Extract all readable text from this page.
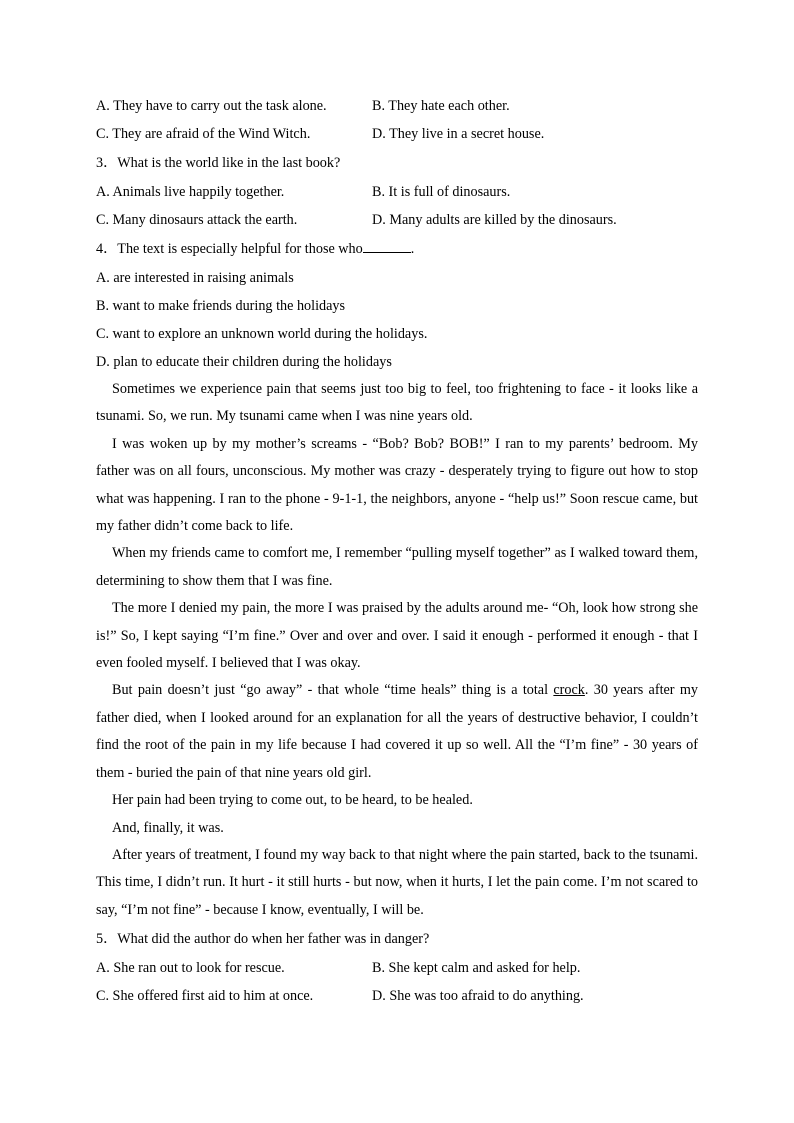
A. They have to carry out the task alone.	B. They hate each other.
C. They are afraid of the Wind Witch.	D. They live in a secret house.
3．What is the world like in the last book?
A. Animals live happily together.	B. It is full of dinosaurs.
C. Many dinosaurs attack the earth.	D. Many adults are killed by the dinosaurs.
4．The text is especially helpful for those who	.
A. are interested in raising animals
B. want to make friends during the holidays
C. want to explore an unknown world during the holidays.
D. plan to educate their children during the holidays

Sometimes we experience pain that seems just too big to feel, too frightening to face - it looks like a tsunami. So, we run. My tsunami came when I was nine years old.

I was woken up by my mother’s screams - “Bob? Bob? BOB!” I ran to my parents’ bedroom. My father was on all fours, unconscious. My mother was crazy - desperately trying to figure out how to stop what was happening. I ran to the phone - 9-1-1, the neighbors, anyone - “help us!” Soon rescue came, but my father didn’t come back to life.

When my friends came to comfort me, I remember “pulling myself together” as I walked toward them, determining to show them that I was fine.

The more I denied my pain, the more I was praised by the adults around me- “Oh, look how strong she is!” So, I kept saying “I’m fine.” Over and over and over. I said it enough - performed it enough - that I even fooled myself. I believed that I was okay.

But pain doesn’t just “go away” - that whole “time heals” thing is a total crock. 30 years after my father died, when I looked around for an explanation for all the years of destructive behavior, I couldn’t find the root of the pain in my life because I had covered it up so well. All the “I’m fine” - 30 years of them - buried the pain of that nine years old girl.

Her pain had been trying to come out, to be heard, to be healed.

And, finally, it was.

After years of treatment, I found my way back to that night where the pain started, back to the tsunami. This time, I didn’t run. It hurt - it still hurts - but now, when it hurts, I let the pain come. I’m not scared to say, “I’m not fine” - because I know, eventually, I will be.

5．What did the author do when her father was in danger?
A. She ran out to look for rescue.	B. She kept calm and asked for help.
C. She offered first aid to him at once.	D. She was too afraid to do anything.
